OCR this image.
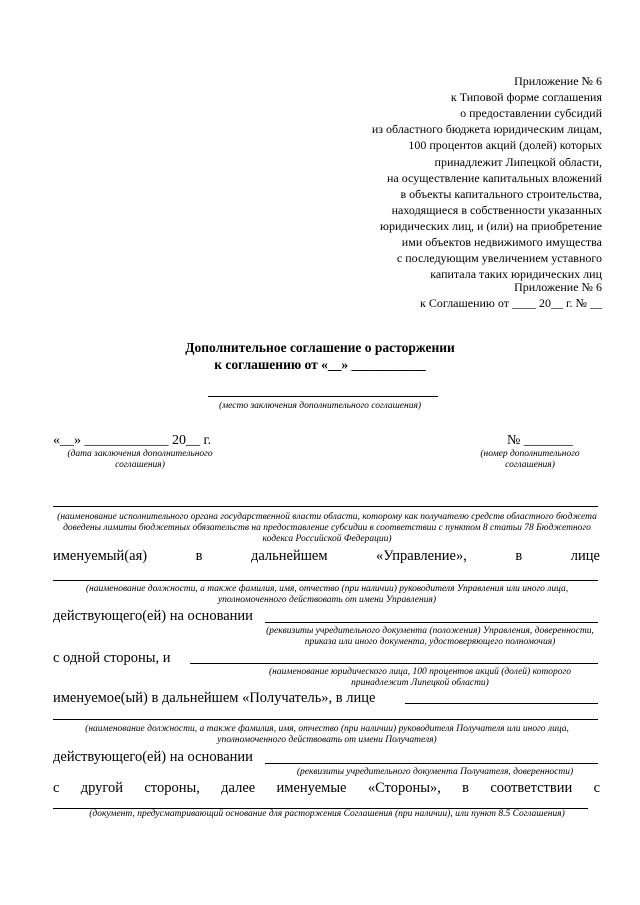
Приложение № 6
к Типовой форме соглашения
о предоставлении субсидий
из областного бюджета юридическим лицам,
100 процентов акций (долей) которых
принадлежит Липецкой области,
на осуществление капитальных вложений
в объекты капитального строительства,
находящиеся в собственности указанных
юридических лиц, и (или) на приобретение
ими объектов недвижимого имущества
с последующим увеличением уставного
капитала таких юридических лиц
Приложение № 6
к Соглашению от ____ 20__ г. № __
Дополнительное соглашение о расторжении
к соглашению от «__» ___________
(место заключения дополнительного соглашения)
«__» ____________ 20__ г.
(дата заключения дополнительного соглашения)
№ _______
(номер дополнительного соглашения)
(наименование исполнительного органа государственной власти области, которому как получателю средств областного бюджета доведены лимиты бюджетных обязательств на предоставление субсидии в соответствии с пунктом 8 статьи 78 Бюджетного кодекса Российской Федерации)
именуемый(ая)	в	дальнейшем	«Управление»,	в	лице
(наименование должности, а также фамилия, имя, отчество (при наличии) руководителя Управления или иного лица, уполномоченного действовать от имени Управления)
действующего(ей) на основании
(реквизиты учредительного документа (положения) Управления, доверенности, приказа или иного документа, удостоверяющего полномочия)
с одной стороны, и
(наименование юридического лица, 100 процентов акций (долей) которого принадлежит Липецкой области)
именуемое(ый) в дальнейшем «Получатель», в лице
(наименование должности, а также фамилия, имя, отчество (при наличии) руководителя Получателя или иного лица, уполномоченного действовать от имени Получателя)
действующего(ей) на основании
(реквизиты учредительного документа Получателя, доверенности)
с другой стороны, далее именуемые «Стороны», в соответствии с
(документ, предусматривающий основание для расторжения Соглашения (при наличии), или пункт 8.5 Соглашения)
